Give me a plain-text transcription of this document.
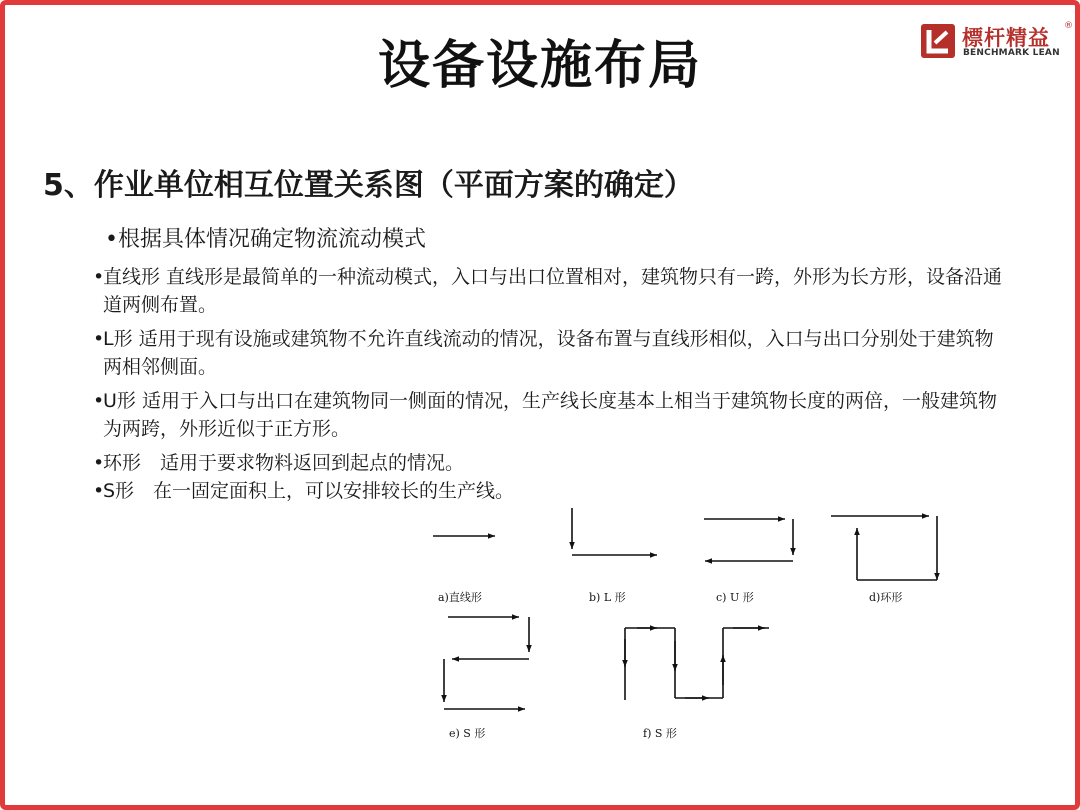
设备设施布局	標杆精益 ®
BENCHMARK LEAN
5、作业单位相互位置关系图（平面方案的确定）
•根据具体情况确定物流流动模式
•
直线形 直线形是最简单的一种流动模式，入口与出口位置相对，建筑物只有一跨，外形为长方形，设备沿通道两侧布置。
•
L形 适用于现有设施或建筑物不允许直线流动的情况，设备布置与直线形相似，入口与出口分别处于建筑物两相邻侧面。
•
U形 适用于入口与出口在建筑物同一侧面的情况，生产线长度基本上相当于建筑物长度的两倍，一般建筑物为两跨，外形近似于正方形。
•
环形　适用于要求物料返回到起点的情况。
•
S形　在一固定面积上，可以安排较长的生产线。
a)直线形	b) L 形	c) U 形	d)环形
e) S 形	f) S 形
